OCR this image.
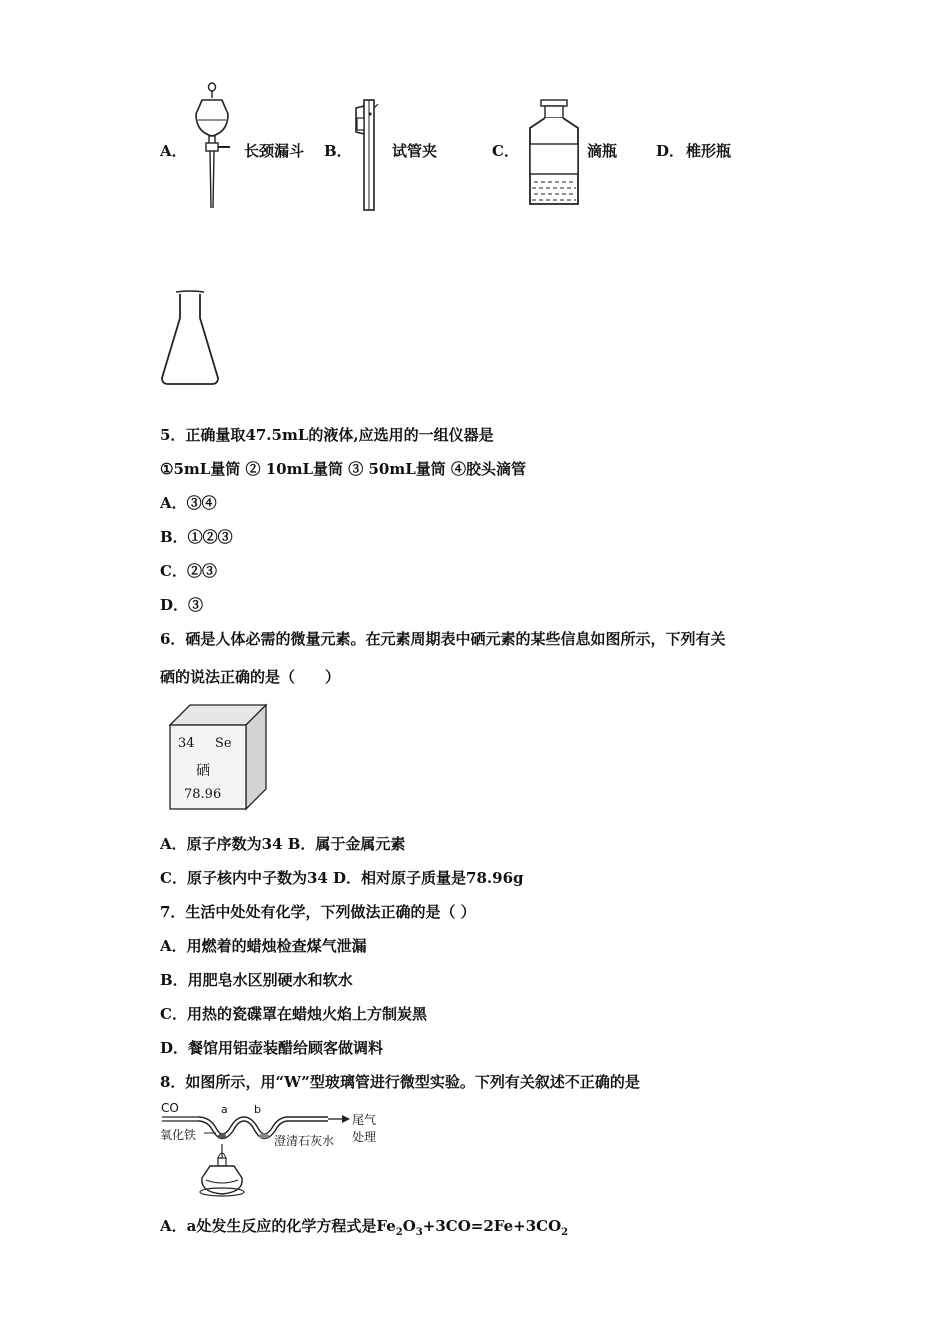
A．	长颈漏斗 B．	试管夹	C．	滴瓶	D． 椎形瓶
5．正确量取47.5mL的液体,应选用的一组仪器是
①5mL量筒 ② 10mL量筒 ③ 50mL量筒 ④胶头滴管
A．③④
B．①②③
C．②③
D．③
6．硒是人体必需的微量元素。在元素周期表中硒元素的某些信息如图所示，下列有关
硒的说法正确的是（　　）
34 Se
硒
78.96
A．原子序数为34 B．属于金属元素
C．原子核内中子数为34 D．相对原子质量是78.96g
7．生活中处处有化学，下列做法正确的是（ ）
A．用燃着的蜡烛检查煤气泄漏
B．用肥皂水区别硬水和软水
C．用热的瓷碟罩在蜡烛火焰上方制炭黑
D．餐馆用铝壶装醋给顾客做调料
8．如图所示，用“W”型玻璃管进行微型实验。下列有关叙述不正确的是
CO	a b
氧化铁
尾气处理
澄清石灰水
A．a处发生反应的化学方程式是$Fe_2O_3+3CO=2Fe+3CO_2$
